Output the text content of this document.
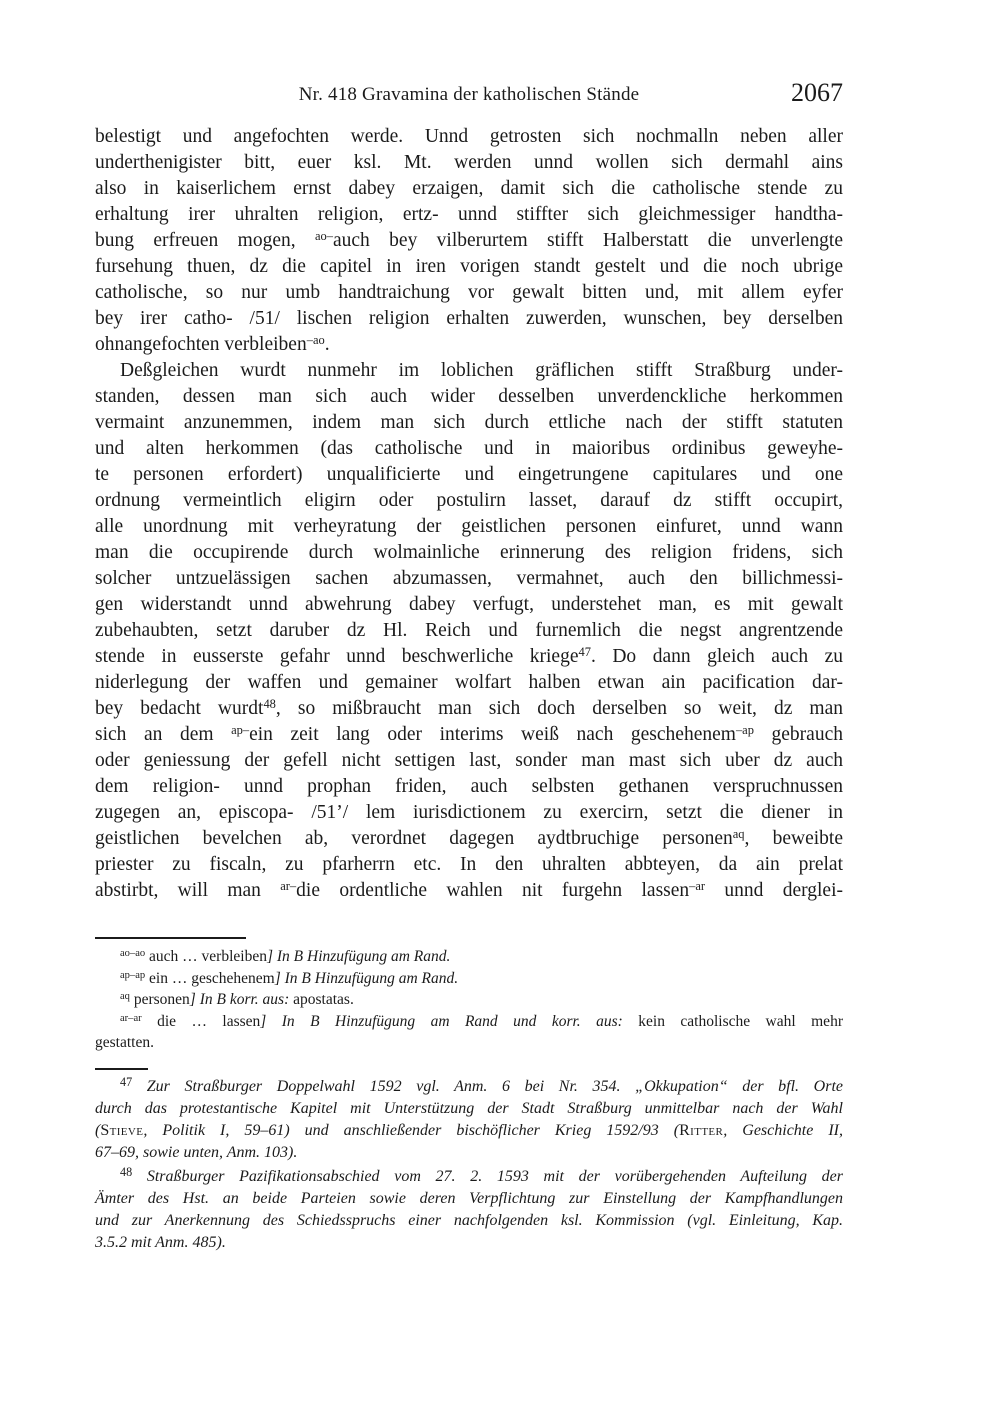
Nr. 418 Gravamina der katholischen Stände	2067
belestigt und angefochten werde. Unnd getrosten sich nochmalln neben aller
underthenigister bitt, euer ksl. Mt. werden unnd wollen sich dermahl ains
also in kaiserlichem ernst dabey erzaigen, damit sich die catholische stende zu
erhaltung irer uhralten religion, ertz- unnd stiffter sich gleichmessiger handtha-
bung erfreuen mogen, $^{ao-}$auch bey vilberurtem stifft Halberstatt die unverlengte
fursehung thuen, dz die capitel in iren vorigen standt gestelt und die noch ubrige
catholische, so nur umb handtraichung vor gewalt bitten und, mit allem eyfer
bey irer catho- /51/ lischen religion erhalten zuwerden, wunschen, bey derselben
ohnangefochten verbleiben$^{-ao}$.
Deßgleichen wurdt nunmehr im loblichen gräflichen stifft Straßburg under-
standen, dessen man sich auch wider desselben unverdenckliche herkommen
vermaint anzunemmen, indem man sich durch ettliche nach der stifft statuten
und alten herkommen (das catholische und in maioribus ordinibus geweyhe-
te personen erfordert) unqualificierte und eingetrungene capitulares und one
ordnung vermeintlich eligirn oder postulirn lasset, darauf dz stifft occupirt,
alle unordnung mit verheyratung der geistlichen personen einfuret, unnd wann
man die occupirende durch wolmainliche erinnerung des religion fridens, sich
solcher untzuelässigen sachen abzumassen, vermahnet, auch den billichmessi-
gen widerstandt unnd abwehrung dabey verfugt, understehet man, es mit gewalt
zubehaubten, setzt daruber dz Hl. Reich und furnemlich die negst angrentzende
stende in eusserste gefahr unnd beschwerliche kriege$^{47}$. Do dann gleich auch zu
niderlegung der waffen und gemainer wolfart halben etwan ain pacification dar-
bey bedacht wurdt$^{48}$, so mißbraucht man sich doch derselben so weit, dz man
sich an dem $^{ap-}$ein zeit lang oder interims weiß nach geschehenem$^{-ap}$ gebrauch
oder geniessung der gefell nicht settigen last, sonder man mast sich uber dz auch
dem religion- unnd prophan friden, auch selbsten gethanen verspruchnussen
zugegen an, episcopa- /51’/ lem iurisdictionem zu exercirn, setzt die diener in
geistlichen bevelchen ab, verordnet dagegen aydtbruchige personen$^{aq}$, beweibte
priester zu fiscaln, zu pfarherrn etc. In den uhralten abbteyen, da ain prelat
abstirbt, will man $^{ar-}$die ordentliche wahlen nit furgehn lassen$^{-ar}$ unnd derglei-
$^{ao-ao}$ auch … verbleiben] In B Hinzufügung am Rand.
$^{ap-ap}$ ein … geschehenem] In B Hinzufügung am Rand.
$^{aq}$ personen] In B korr. aus: apostatas.
$^{ar-ar}$ die … lassen] In B Hinzufügung am Rand und korr. aus: kein catholische wahl mehr
gestatten.
$^{47}$ Zur Straßburger Doppelwahl 1592 vgl. Anm. 6 bei Nr. 354. „Okkupation“ der bfl. Orte
durch das protestantische Kapitel mit Unterstützung der Stadt Straßburg unmittelbar nach der Wahl
(Stieve, Politik I, 59–61) und anschließender bischöflicher Krieg 1592/93 (Ritter, Geschichte II,
67–69, sowie unten, Anm. 103).
$^{48}$ Straßburger Pazifikationsabschied vom 27. 2. 1593 mit der vorübergehenden Aufteilung der
Ämter des Hst. an beide Parteien sowie deren Verpflichtung zur Einstellung der Kampfhandlungen
und zur Anerkennung des Schiedsspruchs einer nachfolgenden ksl. Kommission (vgl. Einleitung, Kap.
3.5.2 mit Anm. 485).
